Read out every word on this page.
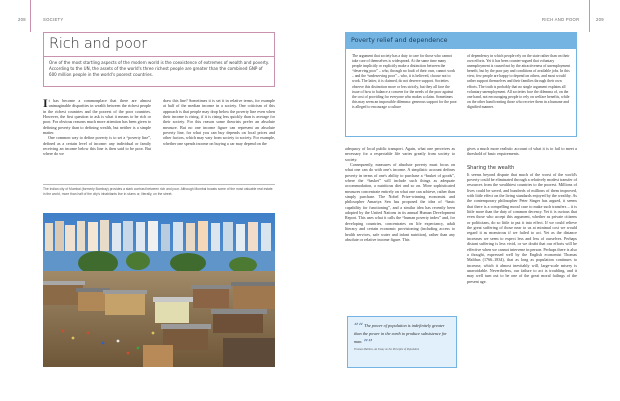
208	SOCIETY
Rich and poor
One of the most startling aspects of the modern world is the coexistence of extremes of wealth and poverty. According to the UN, the assets of the world's three richest people are greater than the combined GNP of 600 million people in the world's poorest countries.

It has become a commonplace that there are almost unimaginable disparities in wealth between the richest people in the richest countries and the poorest of the poor countries. However, the first question to ask is what it means to be rich or poor. For obvious reasons much more attention has been given to defining poverty than to defining wealth, but neither is a simple matter.

One common way to define poverty is to set a “poverty line”, defined as a certain level of income: any individual or family receiving an income below this line is then said to be poor. But where do we

draw this line? Sometimes it is set it in relative terms, for example at half of the median income in a society. One criticism of this approach is that people may drop below the poverty line even when their income is rising, if it is rising less quickly than is average for their society. For this reason some theorists prefer an absolute measure. But no one income figure can represent an absolute poverty line, for what you can buy depends on local prices and other factors, which may vary from society to society. For example, whether one spends income on buying a car may depend on the

The Indian city of Mumbai (formerly Bombay) provides a stark contrast between rich and poor. Although Mumbai boasts some of the most valuable real estate in the world, more than half of the city's inhabitants live in slums or, literally, on the street.
RICH AND POOR	209
Poverty relief and dependence
The argument that society has a duty to care for those who cannot take care of themselves is widespread. At the same time many people implicitly or explicitly make a distinction between the “deserving poor” – who, through no fault of their own, cannot work – and the “undeserving poor” – who, it is believed, choose not to work. The latter, it is claimed, do not deserve support. Societies observe this distinction more or less strictly, but they all face the issue of how to balance a concern for the needs of the poor against the cost of providing for everyone who makes a claim. Sometimes this may seem an impossible dilemma: generous support for the poor is alleged to encourage a culture
of dependency in which people rely on the state rather than on their own efforts. Yet it has been counter-argued that voluntary unemployment is caused not by the attractiveness of unemployment benefit, but by the poor pay and conditions of available jobs. In this view, few people are happy to depend on others, and most would rather support themselves and their families through their own efforts. The truth is probably that no single argument explains all voluntary unemployment. All societies face the dilemma of, on the one hand, not encouraging people to rely on welfare benefits, while on the other hand treating those who receive them in a humane and dignified manner.

adequacy of local public transport. Again, what one perceives as necessary for a respectable life varies greatly from society to society.

Consequently, measures of absolute poverty must focus on what one can do with one's income. A simplistic account defines poverty in terms of one's ability to purchase a “basket of goods”, where the “basket” will include such things as adequate accommodation, a nutritious diet and so on. More sophisticated measures concentrate entirely on what one can achieve, rather than simply purchase. The Nobel Prize-winning economist and philosopher Amartya Sen has proposed the idea of “basic capability for functioning”, and a similar idea has recently been adopted by the United Nations in its annual Human Development Report. This uses what it calls the “human poverty index” and, for developing countries, concentrates on life expectancy, adult literacy and certain economic provisioning (including access to health services, safe water and infant nutrition), rather than any absolute or relative income figure. This

““ The power of population is indefinitely greater than the power in the earth to produce subsistence for man. ””
Thomas Malthus, An Essay on the Principle of Population

gives a much more realistic account of what it is to fail to meet a threshold of basic requirements.

Sharing the wealth

It seems beyond dispute that much of the worst of the world's poverty could be eliminated through a relatively modest transfer of resources from the wealthiest countries to the poorest. Millions of lives could be saved, and hundreds of millions of them improved, with little effect on the living standards enjoyed by the wealthy. As the contemporary philosopher Peter Singer has argued, it seems that there is a compelling moral case to make such transfers – it is little more than the duty of common decency. Yet it is curious that even those who accept this argument, whether as private citizens or politicians, do so little to put it into effect. If we could relieve the great suffering of those near to us at minimal cost we would regard it as monstrous if we failed to act. Yet as the distance increases we seem to expect less and less of ourselves. Perhaps distant suffering is less vivid, or we doubt that our efforts will be effective when we cannot intervene in person. Perhaps there is also a thought, expressed well by the English economist Thomas Malthus (1766–1834), that as long as population continues to increase, which it almost inevitably will, large-scale misery is unavoidable. Nevertheless, our failure to act is troubling, and it may well turn out to be one of the great moral failings of the present age.
